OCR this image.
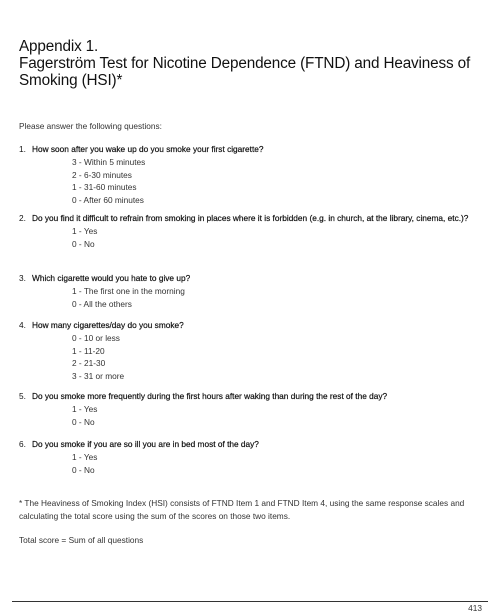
Appendix 1.
Fagerström Test for Nicotine Dependence (FTND) and Heaviness of Smoking (HSI)*
Please answer the following questions:
1. How soon after you wake up do you smoke your first cigarette?
3 - Within 5 minutes
2 - 6-30 minutes
1 - 31-60 minutes
0 - After 60 minutes
2. Do you find it difficult to refrain from smoking in places where it is forbidden (e.g. in church, at the library, cinema, etc.)?
1 - Yes
0 - No
3. Which cigarette would you hate to give up?
1 - The first one in the morning
0 - All the others
4. How many cigarettes/day do you smoke?
0 - 10 or less
1 - 11-20
2 - 21-30
3 - 31 or more
5. Do you smoke more frequently during the first hours after waking than during the rest of the day?
1 - Yes
0 - No
6. Do you smoke if you are so ill you are in bed most of the day?
1 - Yes
0 - No
* The Heaviness of Smoking Index (HSI) consists of FTND Item 1 and FTND Item 4, using the same response scales and calculating the total score using the sum of the scores on those two items.
Total score = Sum of all questions
413
